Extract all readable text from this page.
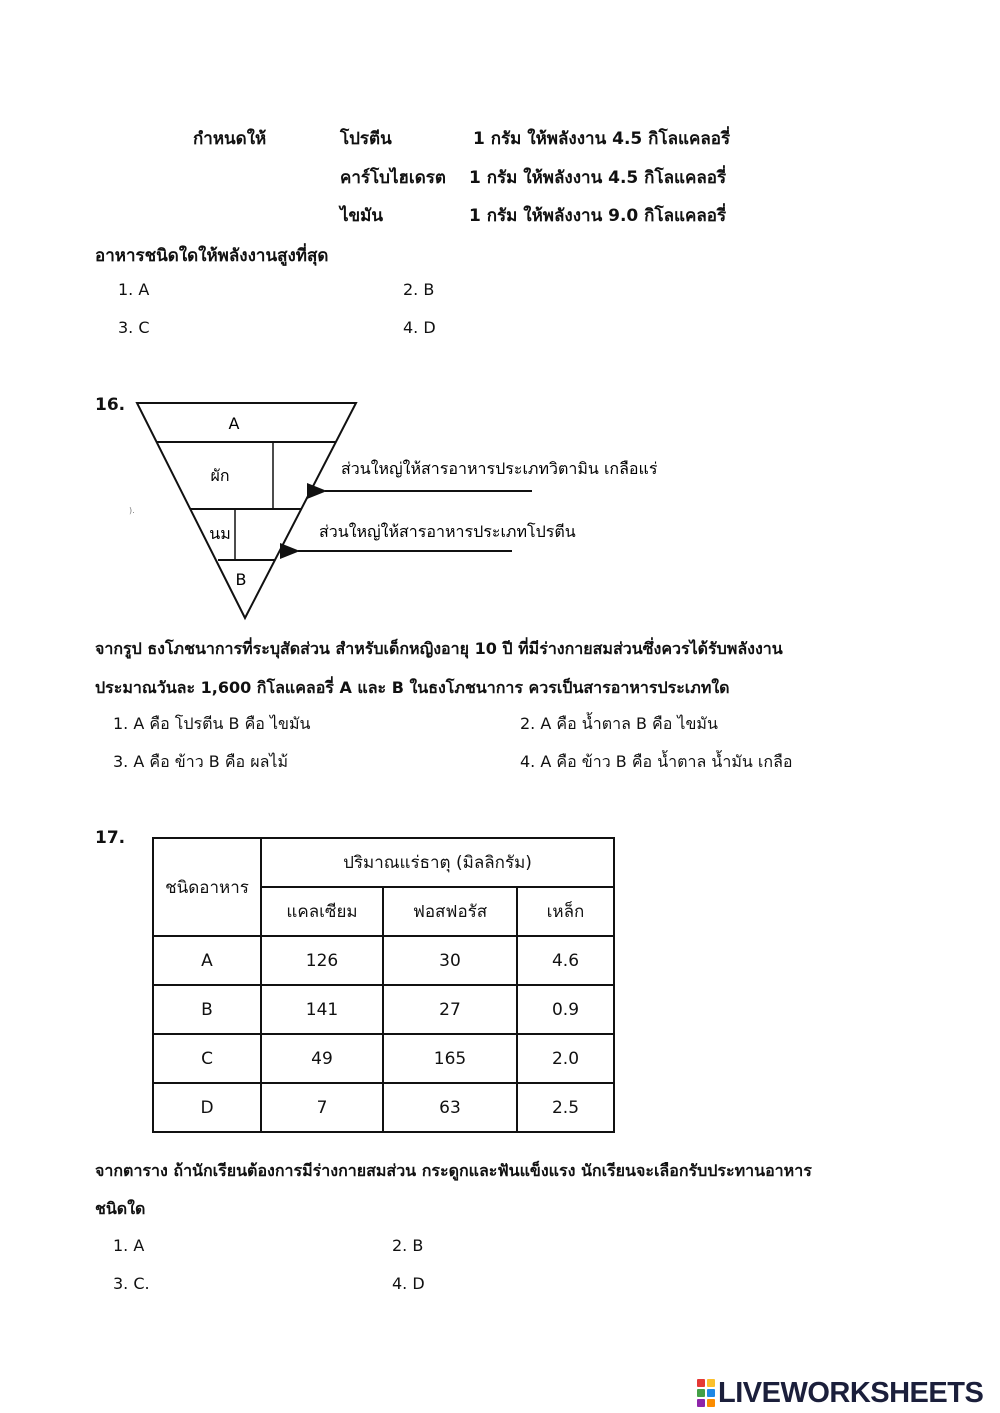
กำหนดให้	โปรตีน	1 กรัม ให้พลังงาน 4.5 กิโลแคลอรี่
คาร์โบไฮเดรต 1 กรัม ให้พลังงาน 4.5 กิโลแคลอรี่
ไขมัน	1 กรัม ให้พลังงาน 9.0 กิโลแคลอรี่
อาหารชนิดใดให้พลังงานสูงที่สุด
1. A	2. B
3. C	4. D
16.
A
ผัก
นม
B
).
ส่วนใหญ่ให้สารอาหารประเภทวิตามิน เกลือแร่
ส่วนใหญ่ให้สารอาหารประเภทโปรตีน
จากรูป ธงโภชนาการที่ระบุสัดส่วน สำหรับเด็กหญิงอายุ 10 ปี ที่มีร่างกายสมส่วนซึ่งควรได้รับพลังงาน
ประมาณวันละ 1,600 กิโลแคลอรี่ A และ B ในธงโภชนาการ ควรเป็นสารอาหารประเภทใด
1. A คือ โปรตีน B คือ ไขมัน	2. A คือ น้ำตาล B คือ ไขมัน
3. A คือ ข้าว B คือ ผลไม้	4. A คือ ข้าว B คือ น้ำตาล น้ำมัน เกลือ
17.
ชนิดอาหาร	ปริมาณแร่ธาตุ (มิลลิกรัม)		
	แคลเซียม	ฟอสฟอรัส	เหล็ก
A	126	30	4.6
B	141	27	0.9
C	49	165	2.0
D	7	63	2.5
จากตาราง ถ้านักเรียนต้องการมีร่างกายสมส่วน กระดูกและฟันแข็งแรง นักเรียนจะเลือกรับประทานอาหาร
ชนิดใด
1. A	2. B
3. C.	4. D
LIVEWORKSHEETS
